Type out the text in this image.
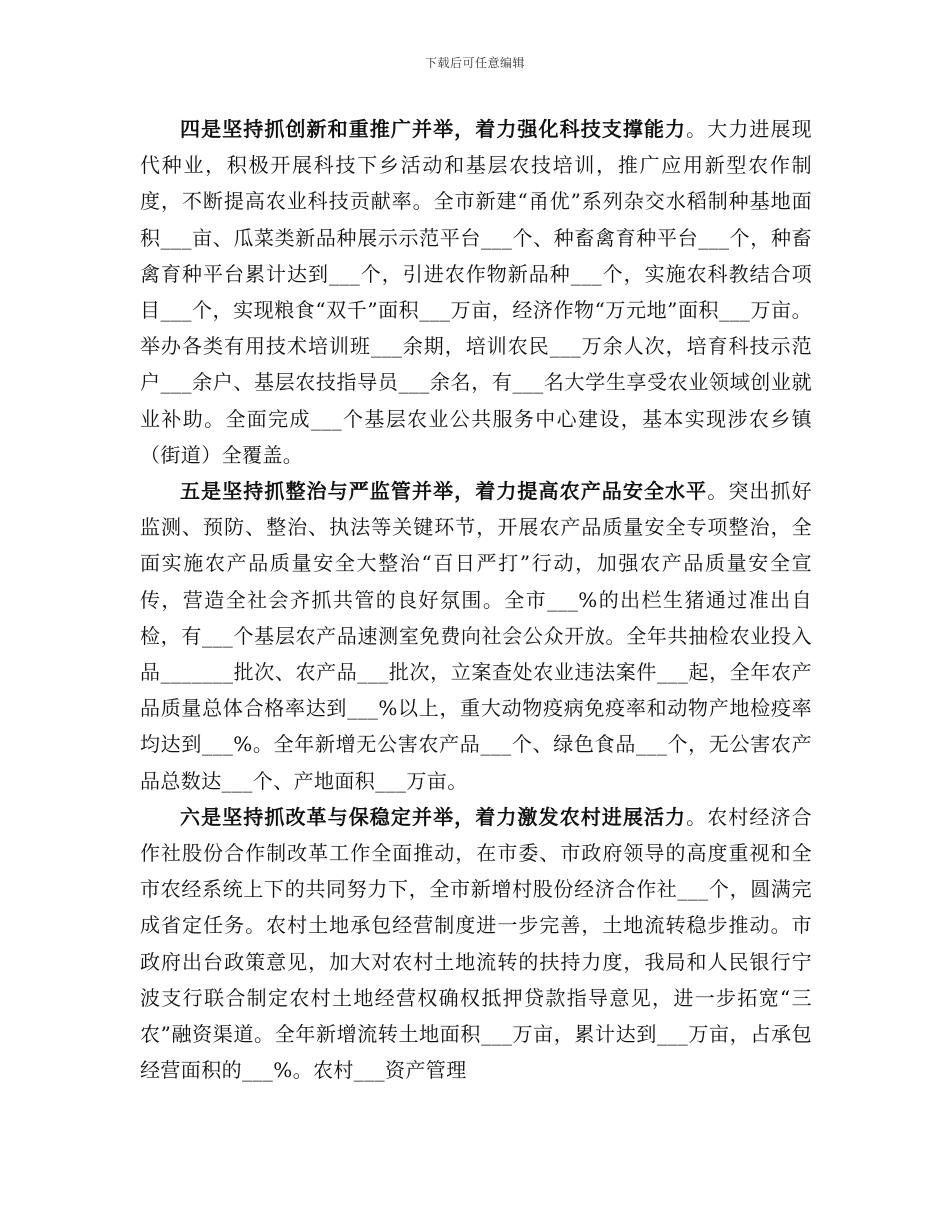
下载后可任意编辑

四是坚持抓创新和重推广并举，着力强化科技支撑能力。大力进展现代种业，积极开展科技下乡活动和基层农技培训，推广应用新型农作制度，不断提高农业科技贡献率。全市新建“甬优”系列杂交水稻制种基地面积___亩、瓜菜类新品种展示示范平台___个、种畜禽育种平台___个，种畜禽育种平台累计达到___个，引进农作物新品种___个，实施农科教结合项目___个，实现粮食“双千”面积___万亩，经济作物“万元地”面积___万亩。举办各类有用技术培训班___余期，培训农民___万余人次，培育科技示范户___余户、基层农技指导员___余名，有___名大学生享受农业领域创业就业补助。全面完成___个基层农业公共服务中心建设，基本实现涉农乡镇（街道）全覆盖。

五是坚持抓整治与严监管并举，着力提高农产品安全水平。突出抓好监测、预防、整治、执法等关键环节，开展农产品质量安全专项整治，全面实施农产品质量安全大整治“百日严打”行动，加强农产品质量安全宣传，营造全社会齐抓共管的良好氛围。全市___%的出栏生猪通过准出自检，有___个基层农产品速测室免费向社会公众开放。全年共抽检农业投入品_______批次、农产品___批次，立案查处农业违法案件___起，全年农产品质量总体合格率达到___%以上，重大动物疫病免疫率和动物产地检疫率均达到___%。全年新增无公害农产品___个、绿色食品___个，无公害农产品总数达___个、产地面积___万亩。

六是坚持抓改革与保稳定并举，着力激发农村进展活力。农村经济合作社股份合作制改革工作全面推动，在市委、市政府领导的高度重视和全市农经系统上下的共同努力下，全市新增村股份经济合作社___个，圆满完成省定任务。农村土地承包经营制度进一步完善，土地流转稳步推动。市政府出台政策意见，加大对农村土地流转的扶持力度，我局和人民银行宁波支行联合制定农村土地经营权确权抵押贷款指导意见，进一步拓宽“三农”融资渠道。全年新增流转土地面积___万亩，累计达到___万亩，占承包经营面积的___%。农村___资产管理
